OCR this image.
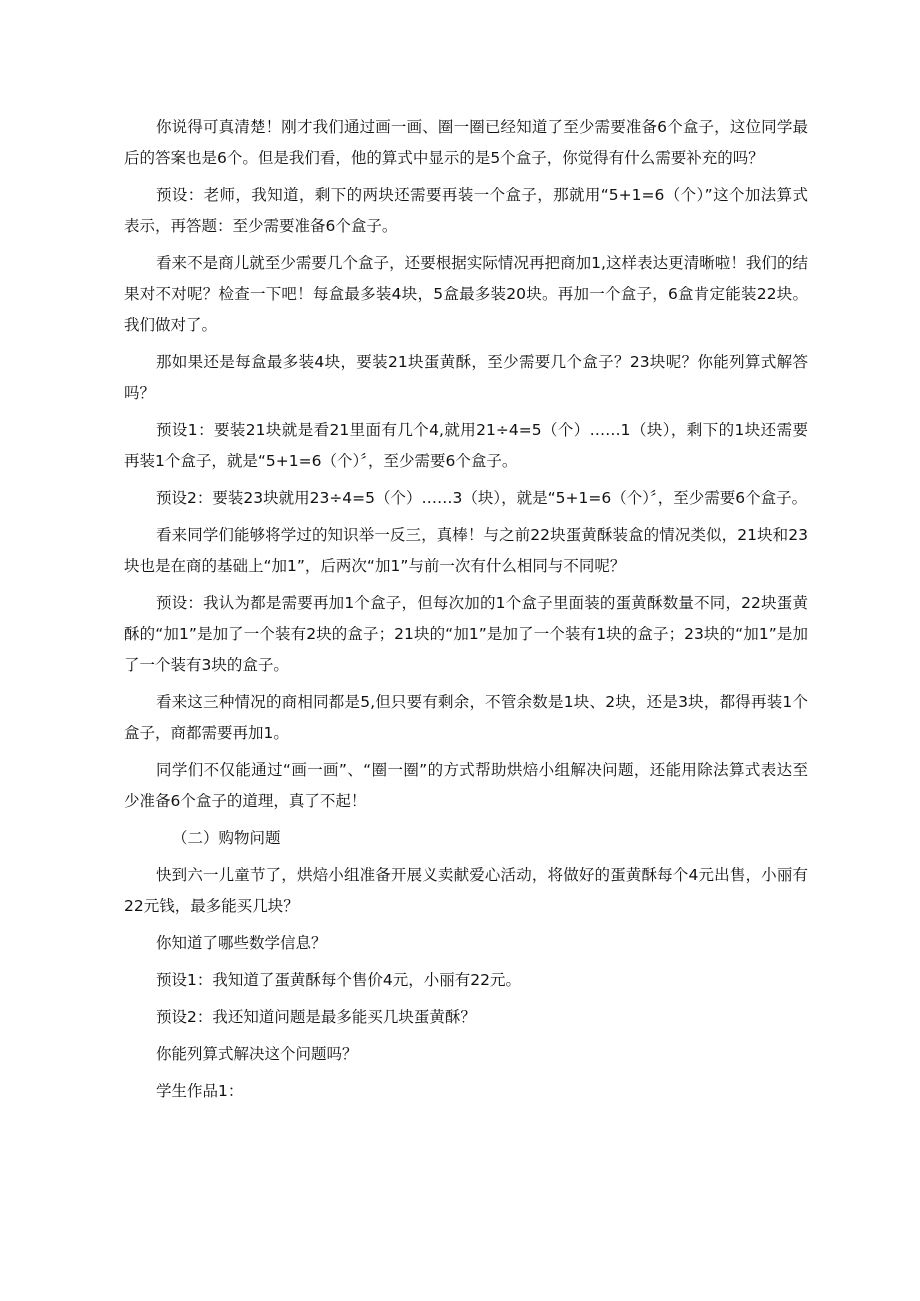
你说得可真清楚！刚才我们通过画一画、圈一圈已经知道了至少需要准备6个盒子，这位同学最后的答案也是6个。但是我们看，他的算式中显示的是5个盒子，你觉得有什么需要补充的吗？

预设：老师，我知道，剩下的两块还需要再装一个盒子，那就用“5+1=6（个）”这个加法算式表示，再答题：至少需要准备6个盒子。

看来不是商儿就至少需要几个盒子，还要根据实际情况再把商加1,这样表达更清晰啦！我们的结果对不对呢？检查一下吧！每盒最多装4块，5盒最多装20块。再加一个盒子，6盒肯定能装22块。我们做对了。

那如果还是每盒最多装4块，要装21块蛋黄酥，至少需要几个盒子？23块呢？你能列算式解答吗？

预设1：要装21块就是看21里面有几个4,就用21÷4=5（个）……1（块），剩下的1块还需要再装1个盒子，就是“5+1=6（个）〞，至少需要6个盒子。

预设2：要装23块就用23÷4=5（个）……3（块），就是“5+1=6（个）〞，至少需要6个盒子。

看来同学们能够将学过的知识举一反三，真棒！与之前22块蛋黄酥装盒的情况类似，21块和23块也是在商的基础上“加1”，后两次“加1”与前一次有什么相同与不同呢？

预设：我认为都是需要再加1个盒子，但每次加的1个盒子里面装的蛋黄酥数量不同，22块蛋黄酥的“加1”是加了一个装有2块的盒子；21块的“加1”是加了一个装有1块的盒子；23块的“加1”是加了一个装有3块的盒子。

看来这三种情况的商相同都是5,但只要有剩余，不管余数是1块、2块，还是3块，都得再装1个盒子，商都需要再加1。

同学们不仅能通过“画一画”、“圈一圈”的方式帮助烘焙小组解决问题，还能用除法算式表达至少准备6个盒子的道理，真了不起！

（二）购物问题

快到六一儿童节了，烘焙小组准备开展义卖献爱心活动，将做好的蛋黄酥每个4元出售，小丽有22元钱，最多能买几块？

你知道了哪些数学信息？

预设1：我知道了蛋黄酥每个售价4元，小丽有22元。

预设2：我还知道问题是最多能买几块蛋黄酥？

你能列算式解决这个问题吗？

学生作品1：
